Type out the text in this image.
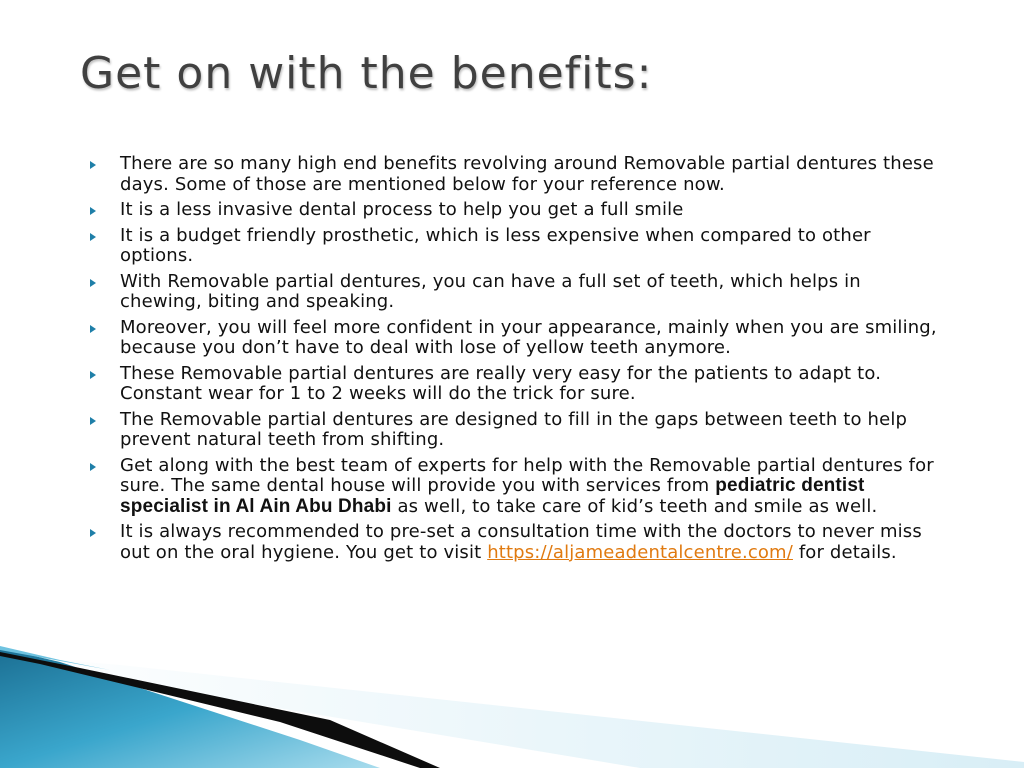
Get on with the benefits:
There are so many high end benefits revolving around Removable partial dentures these days. Some of those are mentioned below for your reference now.
It is a less invasive dental process to help you get a full smile
It is a budget friendly prosthetic, which is less expensive when compared to other options.
With Removable partial dentures, you can have a full set of teeth, which helps in chewing, biting and speaking.
Moreover, you will feel more confident in your appearance, mainly when you are smiling, because you don’t have to deal with lose of yellow teeth anymore.
These Removable partial dentures are really very easy for the patients to adapt to. Constant wear for 1 to 2 weeks will do the trick for sure.
The Removable partial dentures are designed to fill in the gaps between teeth to help prevent natural teeth from shifting.
Get along with the best team of experts for help with the Removable partial dentures for sure. The same dental house will provide you with services from pediatric dentist specialist in Al Ain Abu Dhabi as well, to take care of kid’s teeth and smile as well.
It is always recommended to pre-set a consultation time with the doctors to never miss out on the oral hygiene. You get to visit https://aljameadentalcentre.com/ for details.
